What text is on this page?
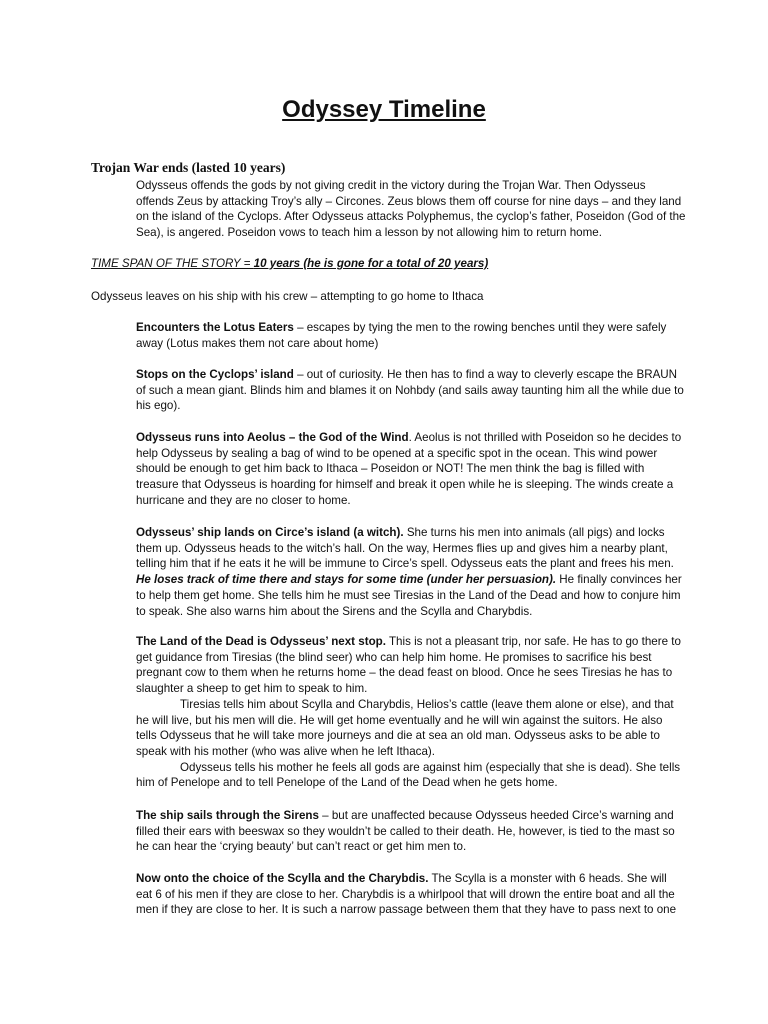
Odyssey Timeline
Trojan War ends (lasted 10 years)
Odysseus offends the gods by not giving credit in the victory during the Trojan War. Then Odysseus offends Zeus by attacking Troy’s ally – Circones. Zeus blows them off course for nine days – and they land on the island of the Cyclops. After Odysseus attacks Polyphemus, the cyclop’s father, Poseidon (God of the Sea), is angered. Poseidon vows to teach him a lesson by not allowing him to return home.
TIME SPAN OF THE STORY = 10 years (he is gone for a total of 20 years)
Odysseus leaves on his ship with his crew – attempting to go home to Ithaca
Encounters the Lotus Eaters – escapes by tying the men to the rowing benches until they were safely away (Lotus makes them not care about home)
Stops on the Cyclops’ island – out of curiosity. He then has to find a way to cleverly escape the BRAUN of such a mean giant. Blinds him and blames it on Nohbdy (and sails away taunting him all the while due to his ego).
Odysseus runs into Aeolus – the God of the Wind. Aeolus is not thrilled with Poseidon so he decides to help Odysseus by sealing a bag of wind to be opened at a specific spot in the ocean. This wind power should be enough to get him back to Ithaca – Poseidon or NOT! The men think the bag is filled with treasure that Odysseus is hoarding for himself and break it open while he is sleeping. The winds create a hurricane and they are no closer to home.
Odysseus’ ship lands on Circe’s island (a witch). She turns his men into animals (all pigs) and locks them up. Odysseus heads to the witch’s hall. On the way, Hermes flies up and gives him a nearby plant, telling him that if he eats it he will be immune to Circe’s spell. Odysseus eats the plant and frees his men. He loses track of time there and stays for some time (under her persuasion). He finally convinces her to help them get home. She tells him he must see Tiresias in the Land of the Dead and how to conjure him to speak. She also warns him about the Sirens and the Scylla and Charybdis.
The Land of the Dead is Odysseus’ next stop. This is not a pleasant trip, nor safe. He has to go there to get guidance from Tiresias (the blind seer) who can help him home. He promises to sacrifice his best pregnant cow to them when he returns home – the dead feast on blood. Once he sees Tiresias he has to slaughter a sheep to get him to speak to him.
Tiresias tells him about Scylla and Charybdis, Helios’s cattle (leave them alone or else), and that he will live, but his men will die. He will get home eventually and he will win against the suitors. He also tells Odysseus that he will take more journeys and die at sea an old man. Odysseus asks to be able to speak with his mother (who was alive when he left Ithaca).
Odysseus tells his mother he feels all gods are against him (especially that she is dead). She tells him of Penelope and to tell Penelope of the Land of the Dead when he gets home.
The ship sails through the Sirens – but are unaffected because Odysseus heeded Circe’s warning and filled their ears with beeswax so they wouldn’t be called to their death. He, however, is tied to the mast so he can hear the ‘crying beauty’ but can’t react or get him men to.
Now onto the choice of the Scylla and the Charybdis. The Scylla is a monster with 6 heads. She will eat 6 of his men if they are close to her. Charybdis is a whirlpool that will drown the entire boat and all the men if they are close to her. It is such a narrow passage between them that they have to pass next to one
